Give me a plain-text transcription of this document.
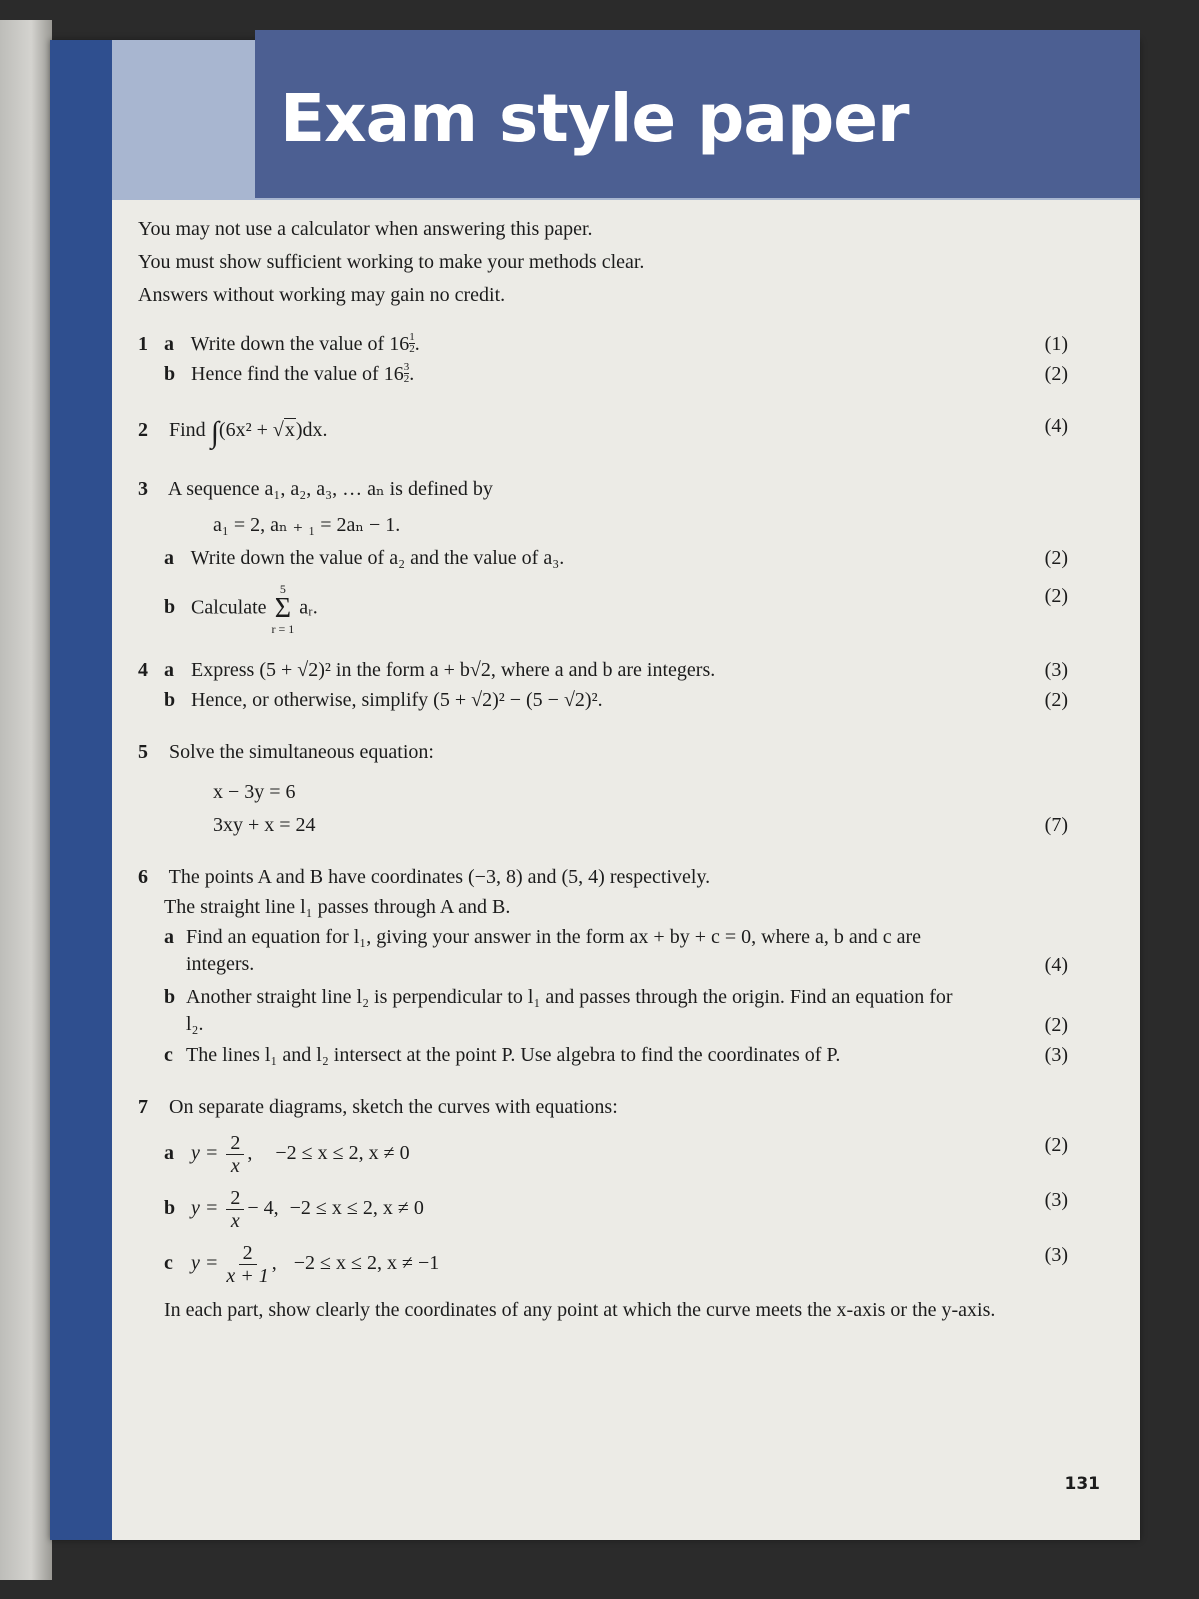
Exam style paper

You may not use a calculator when answering this paper.

You must show sufficient working to make your methods clear.

Answers without working may gain no credit.

1 a Write down the value of 16 $^{\frac{1}{2}}$ .	(1)
b Hence find the value of 16 $^{\frac{3}{2}}$ .	(2)
2 Find ∫(6x² + √x)dx.	(4)
3 A sequence a₁, a₂, a₃, … aₙ is defined by
a₁ = 2, aₙ ₊ ₁ = 2aₙ − 1.
a Write down the value of a₂ and the value of a₃.	(2)
b Calculate
5
Σ
r = 1
aᵣ.
(2)
4 a Express (5 + √2)² in the form a + b√2, where a and b are integers.	(3)
b Hence, or otherwise, simplify (5 + √2)² − (5 − √2)².	(2)
5 Solve the simultaneous equation:
x − 3y = 6
3xy + x = 24	(7)
6 The points A and B have coordinates (−3, 8) and (5, 4) respectively.
The straight line l₁ passes through A and B.
a Find an equation for l₁, giving your answer in the form ax + by + c = 0, where a, b and c are integers.	(4)
b Another straight line l₂ is perpendicular to l₁ and passes through the origin. Find an equation for l₂.	(2)
c The lines l₁ and l₂ intersect at the point P. Use algebra to find the coordinates of P.	(3)
7 On separate diagrams, sketch the curves with equations:
a $y = \frac{2}{x}$ , −2 ≤ x ≤ 2, x ≠ 0	(2)
b $y = \frac{2}{x} - 4$, −2 ≤ x ≤ 2, x ≠ 0	(3)
c $y = \frac{2}{x + 1}$ , −2 ≤ x ≤ 2, x ≠ −1	(3)
In each part, show clearly the coordinates of any point at which the curve meets the x-axis or the y-axis.
131
